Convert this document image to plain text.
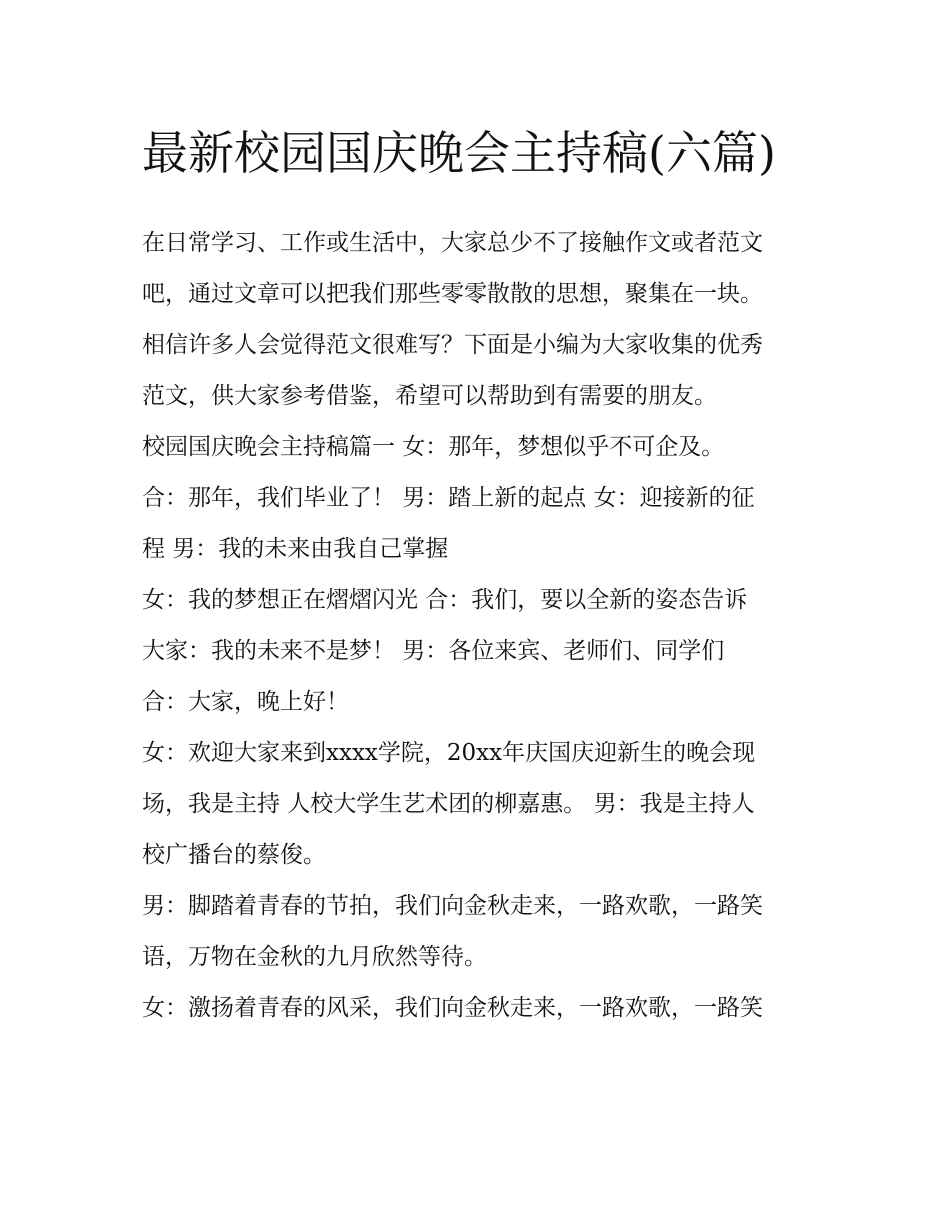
最新校园国庆晚会主持稿(六篇)

在日常学习、工作或生活中，大家总少不了接触作文或者范文

吧，通过文章可以把我们那些零零散散的思想，聚集在一块。

相信许多人会觉得范文很难写？下面是小编为大家收集的优秀

范文，供大家参考借鉴，希望可以帮助到有需要的朋友。

校园国庆晚会主持稿篇一 女：那年，梦想似乎不可企及。

合：那年，我们毕业了！ 男：踏上新的起点 女：迎接新的征

程 男：我的未来由我自己掌握

女：我的梦想正在熠熠闪光 合：我们，要以全新的姿态告诉

大家：我的未来不是梦！ 男：各位来宾、老师们、同学们

合：大家，晚上好！

女：欢迎大家来到xxxx学院，20xx年庆国庆迎新生的晚会现

场，我是主持 人校大学生艺术团的柳嘉惠。 男：我是主持人

校广播台的蔡俊。

男：脚踏着青春的节拍，我们向金秋走来，一路欢歌，一路笑

语，万物在金秋的九月欣然等待。

女：激扬着青春的风采，我们向金秋走来，一路欢歌，一路笑
